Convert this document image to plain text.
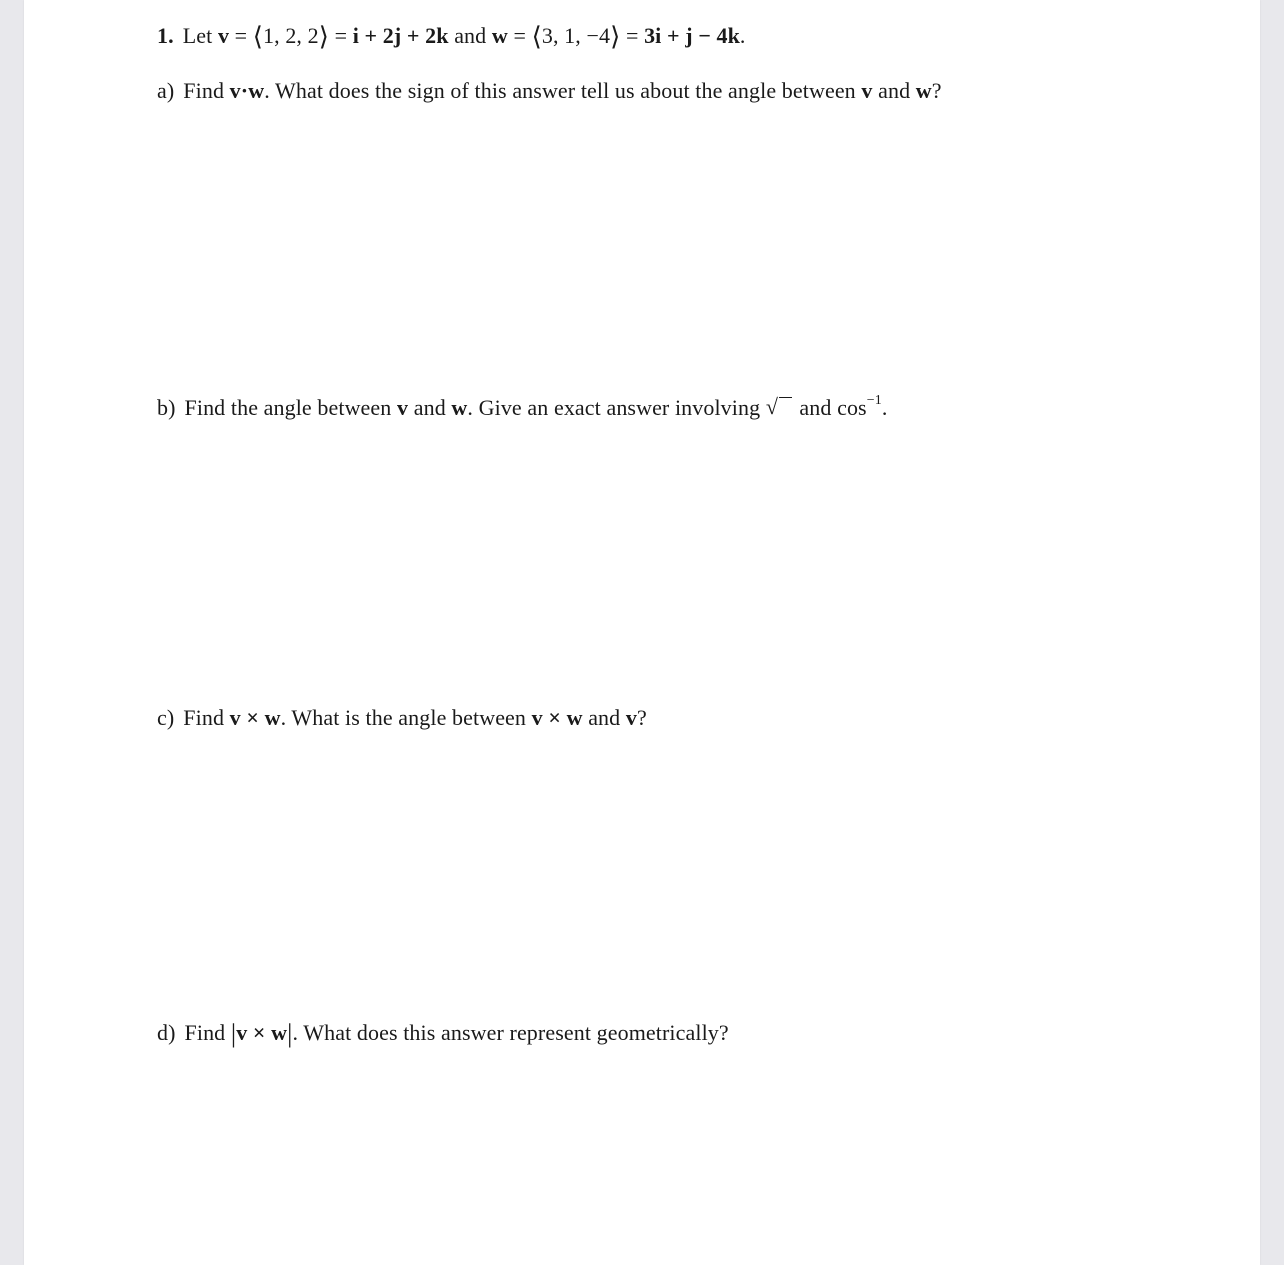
1. Let v = ⟨1, 2, 2⟩ = i + 2j + 2k and w = ⟨3, 1, −4⟩ = 3i + j − 4k.
a) Find v·w. What does the sign of this answer tell us about the angle between v and w?
b) Find the angle between v and w. Give an exact answer involving √ and $\cos^{-1}$.
c) Find v × w. What is the angle between v × w and v?
d) Find |v × w|. What does this answer represent geometrically?
